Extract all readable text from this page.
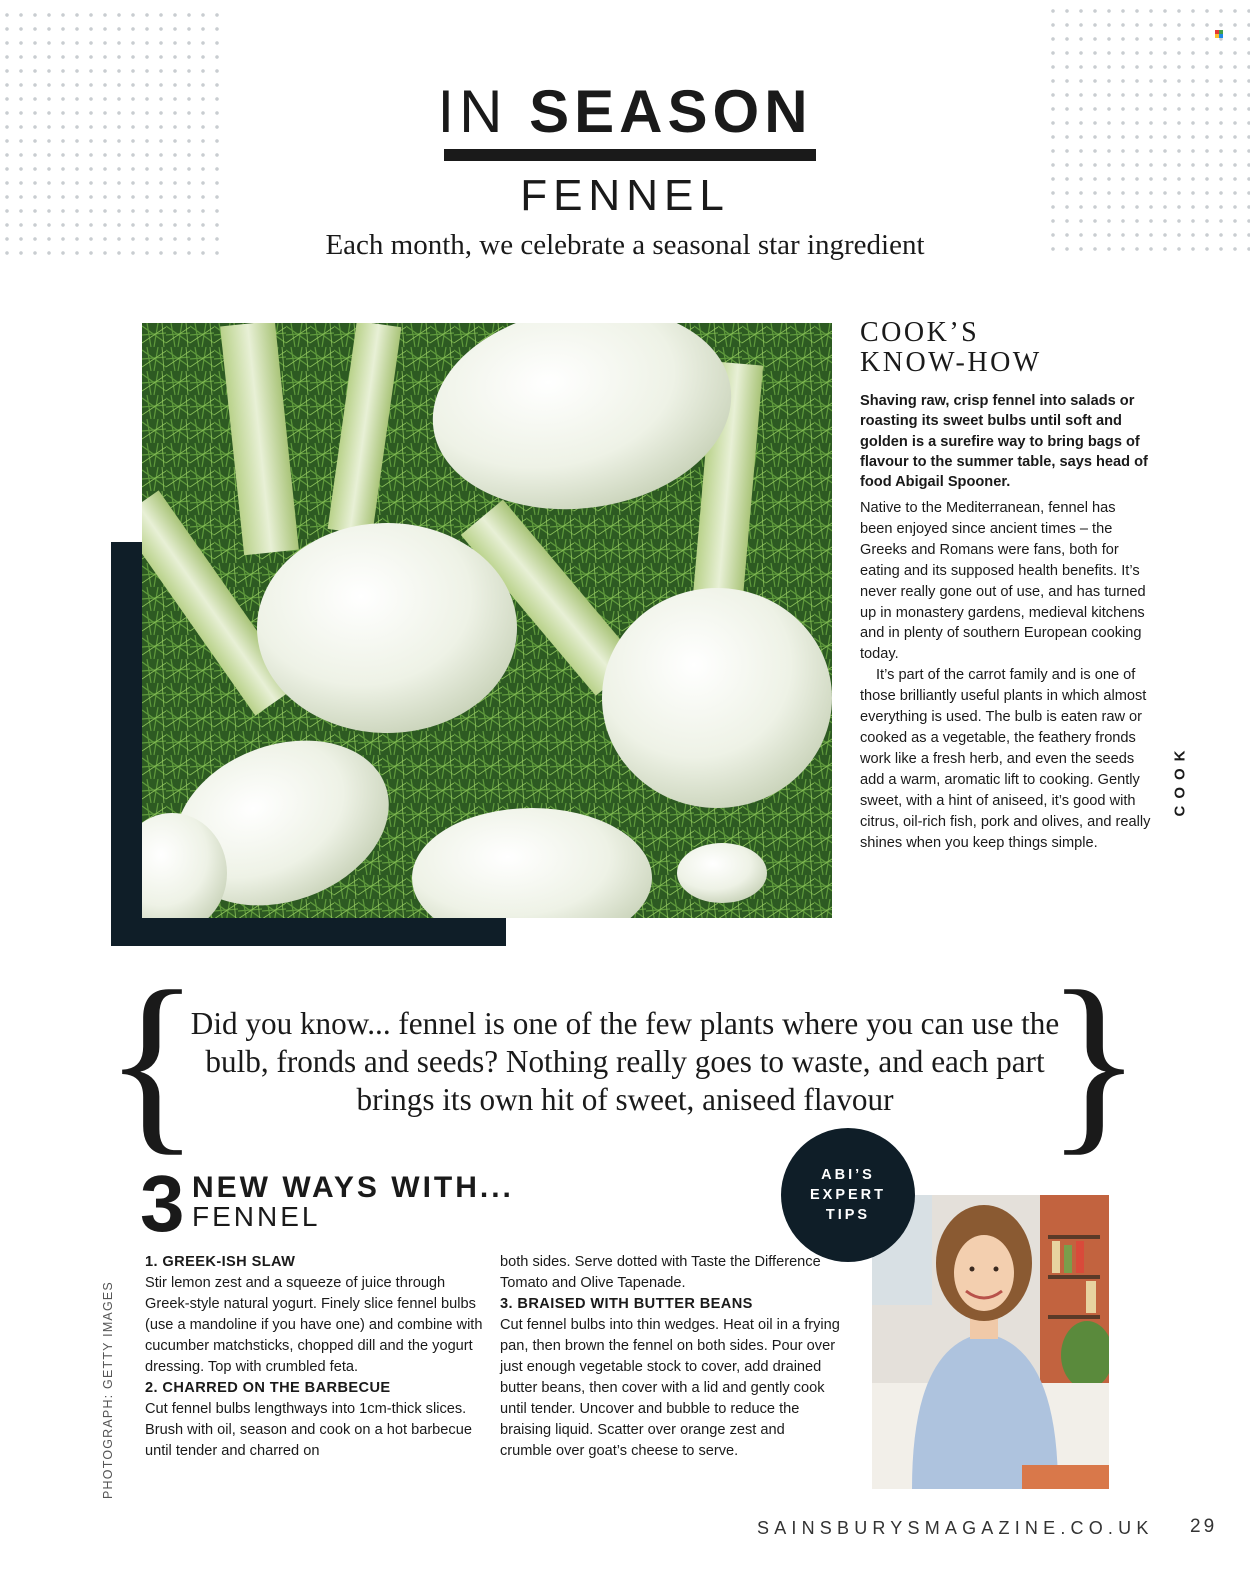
IN SEASON
FENNEL
Each month, we celebrate a seasonal star ingredient
COOK’S
KNOW-HOW
Shaving raw, crisp fennel into salads or roasting its sweet bulbs until soft and golden is a surefire way to bring bags of flavour to the summer table, says head of food Abigail Spooner.

Native to the Mediterranean, fennel has been enjoyed since ancient times – the Greeks and Romans were fans, both for eating and its supposed health benefits. It’s never really gone out of use, and has turned up in monastery gardens, medieval kitchens and in plenty of southern European cooking today.

It’s part of the carrot family and is one of those brilliantly useful plants in which almost everything is used. The bulb is eaten raw or cooked as a vegetable, the feathery fronds work like a fresh herb, and even the seeds add a warm, aromatic lift to cooking. Gently sweet, with a hint of aniseed, it’s good with citrus, oil-rich fish, pork and olives, and really shines when you keep things simple.

COOK
{	}
Did you know... fennel is one of the few plants where you can use the bulb, fronds and seeds? Nothing really goes to waste, and each part brings its own hit of sweet, aniseed flavour
3 NEW WAYS WITH...
FENNEL
1. GREEK-ISH SLAW
Stir lemon zest and a squeeze of juice through Greek-style natural yogurt. Finely slice fennel bulbs (use a mandoline if you have one) and combine with cucumber matchsticks, chopped dill and the yogurt dressing. Top with crumbled feta.
2. CHARRED ON THE BARBECUE
Cut fennel bulbs lengthways into 1cm-thick slices. Brush with oil, season and cook on a hot barbecue until tender and charred on
both sides. Serve dotted with Taste the Difference Tomato and Olive Tapenade.
3. BRAISED WITH BUTTER BEANS
Cut fennel bulbs into thin wedges. Heat oil in a frying pan, then brown the fennel on both sides. Pour over just enough vegetable stock to cover, add drained butter beans, then cover with a lid and gently cook until tender. Uncover and bubble to reduce the braising liquid. Scatter over orange zest and crumble over goat’s cheese to serve.
ABI’S
EXPERT
TIPS
PHOTOGRAPH: GETTY IMAGES
SAINSBURYSMAGAZINE.CO.UK 29
